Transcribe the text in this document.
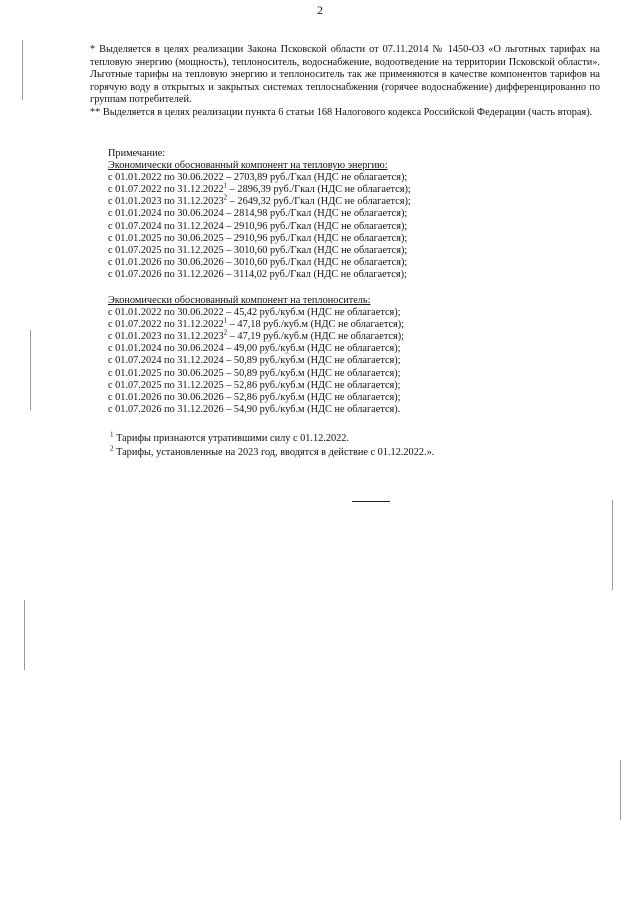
2

* Выделяется в целях реализации Закона Псковской области от 07.11.2014 № 1450-ОЗ «О льготных тарифах на тепловую энергию (мощность), теплоноситель, водоснабжение, водоотведение на территории Псковской области». Льготные тарифы на тепловую энергию и теплоноситель так же применяются в качестве компонентов тарифов на горячую воду в открытых и закрытых системах теплоснабжения (горячее водоснабжение) дифференцированно по группам потребителей.

** Выделяется в целях реализации пункта 6 статьи 168 Налогового кодекса Российской Федерации (часть вторая).

Примечание:
Экономически обоснованный компонент на тепловую энергию:
с 01.01.2022 по 30.06.2022 – 2703,89 руб./Гкал (НДС не облагается);
с 01.07.2022 по 31.12.2022$^1$ – 2896,39 руб./Гкал (НДС не облагается);
с 01.01.2023 по 31.12.2023$^2$ – 2649,32 руб./Гкал (НДС не облагается);
с 01.01.2024 по 30.06.2024 – 2814,98 руб./Гкал (НДС не облагается);
с 01.07.2024 по 31.12.2024 – 2910,96 руб./Гкал (НДС не облагается);
с 01.01.2025 по 30.06.2025 – 2910,96 руб./Гкал (НДС не облагается);
с 01.07.2025 по 31.12.2025 – 3010,60 руб./Гкал (НДС не облагается);
с 01.01.2026 по 30.06.2026 – 3010,60 руб./Гкал (НДС не облагается);
с 01.07.2026 по 31.12.2026 – 3114,02 руб./Гкал (НДС не облагается);
Экономически обоснованный компонент на теплоноситель:
с 01.01.2022 по 30.06.2022 – 45,42 руб./куб.м (НДС не облагается);
с 01.07.2022 по 31.12.2022$^1$ – 47,18 руб./куб.м (НДС не облагается);
с 01.01.2023 по 31.12.2023$^2$ – 47,19 руб./куб.м (НДС не облагается);
с 01.01.2024 по 30.06.2024 – 49,00 руб./куб.м (НДС не облагается);
с 01.07.2024 по 31.12.2024 – 50,89 руб./куб.м (НДС не облагается);
с 01.01.2025 по 30.06.2025 – 50,89 руб./куб.м (НДС не облагается);
с 01.07.2025 по 31.12.2025 – 52,86 руб./куб.м (НДС не облагается);
с 01.01.2026 по 30.06.2026 – 52,86 руб./куб.м (НДС не облагается);
с 01.07.2026 по 31.12.2026 – 54,90 руб./куб.м (НДС не облагается).
$^1$ Тарифы признаются утратившими силу с 01.12.2022.
$^2$ Тарифы, установленные на 2023 год, вводятся в действие с 01.12.2022.».
